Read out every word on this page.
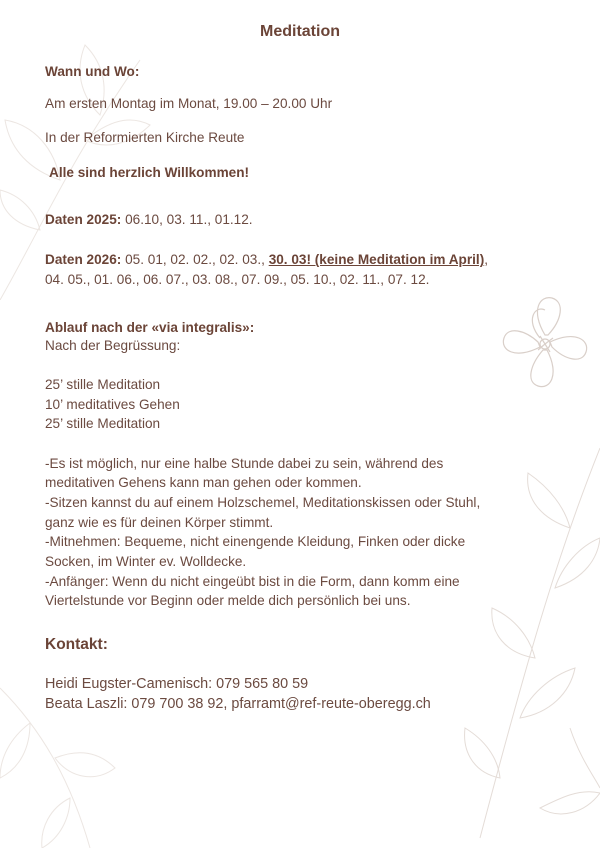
Meditation
Wann und Wo:
Am ersten Montag im Monat, 19.00 – 20.00 Uhr
In der Reformierten Kirche Reute
Alle sind herzlich Willkommen!
Daten 2025: 06.10, 03. 11., 01.12.
Daten 2026: 05. 01, 02. 02., 02. 03., 30. 03! (keine Meditation im April),
04. 05., 01. 06., 06. 07., 03. 08., 07. 09., 05. 10., 02. 11., 07. 12.
Ablauf nach der «via integralis»:
Nach der Begrüssung:
25’ stille Meditation
10’ meditatives Gehen
25’ stille Meditation
-Es ist möglich, nur eine halbe Stunde dabei zu sein, während des
meditativen Gehens kann man gehen oder kommen.
-Sitzen kannst du auf einem Holzschemel, Meditationskissen oder Stuhl,
ganz wie es für deinen Körper stimmt.
-Mitnehmen: Bequeme, nicht einengende Kleidung, Finken oder dicke
Socken, im Winter ev. Wolldecke.
-Anfänger: Wenn du nicht eingeübt bist in die Form, dann komm eine
Viertelstunde vor Beginn oder melde dich persönlich bei uns.
Kontakt:
Heidi Eugster-Camenisch: 079 565 80 59
Beata Laszli: 079 700 38 92, pfarramt@ref-reute-oberegg.ch
